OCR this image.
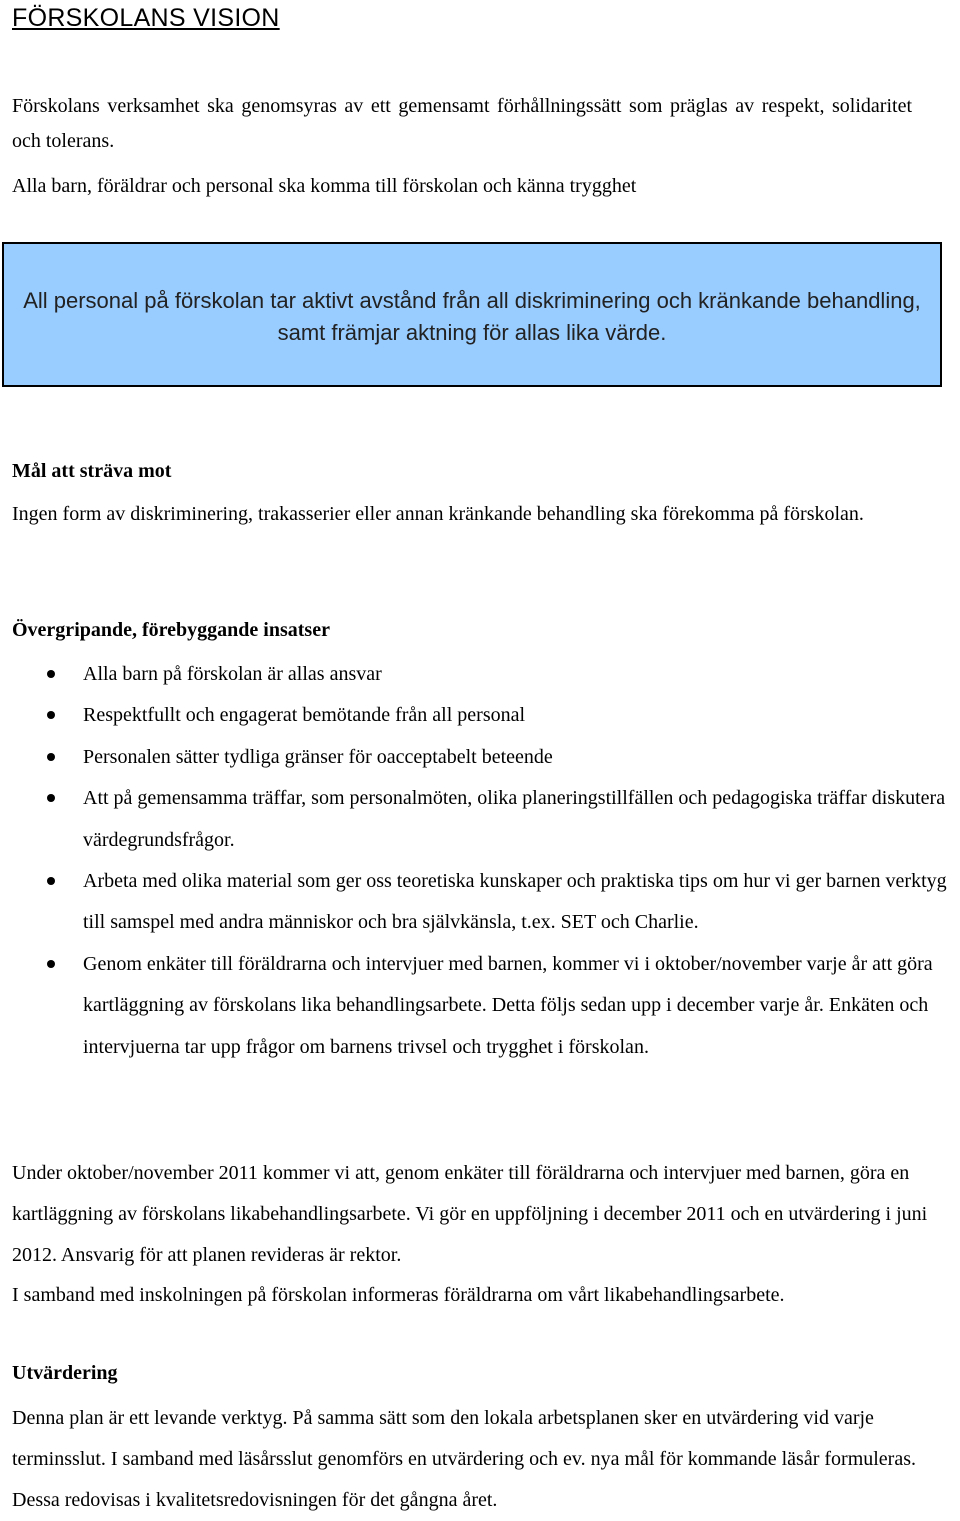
FÖRSKOLANS VISION

Förskolans verksamhet ska genomsyras av ett gemensamt förhållningssätt som präglas av respekt, solidaritet och tolerans.

Alla barn, föräldrar och personal ska komma till förskolan och känna trygghet

All personal på förskolan tar aktivt avstånd från all diskriminering och kränkande behandling, samt främjar aktning för allas lika värde.

Mål att sträva mot

Ingen form av diskriminering, trakasserier eller annan kränkande behandling ska förekomma på förskolan.

Övergripande, förebyggande insatser
Alla barn på förskolan är allas ansvar
Respektfullt och engagerat bemötande från all personal
Personalen sätter tydliga gränser för oacceptabelt beteende
Att på gemensamma träffar, som personalmöten, olika planeringstillfällen och pedagogiska träffar diskutera värdegrundsfrågor.
Arbeta med olika material som ger oss teoretiska kunskaper och praktiska tips om hur vi ger barnen verktyg till samspel med andra människor och bra självkänsla, t.ex. SET och Charlie.
Genom enkäter till föräldrarna och intervjuer med barnen, kommer vi i oktober/november varje år att göra kartläggning av förskolans lika behandlingsarbete. Detta följs sedan upp i december varje år. Enkäten och intervjuerna tar upp frågor om barnens trivsel och trygghet i förskolan.

Under oktober/november 2011 kommer vi att, genom enkäter till föräldrarna och intervjuer med barnen, göra en kartläggning av förskolans likabehandlingsarbete. Vi gör en uppföljning i december 2011 och en utvärdering i juni 2012. Ansvarig för att planen revideras är rektor.

I samband med inskolningen på förskolan informeras föräldrarna om vårt likabehandlingsarbete.

Utvärdering

Denna plan är ett levande verktyg. På samma sätt som den lokala arbetsplanen sker en utvärdering vid varje terminsslut. I samband med läsårsslut genomförs en utvärdering och ev. nya mål för kommande läsår formuleras. Dessa redovisas i kvalitetsredovisningen för det gångna året.
